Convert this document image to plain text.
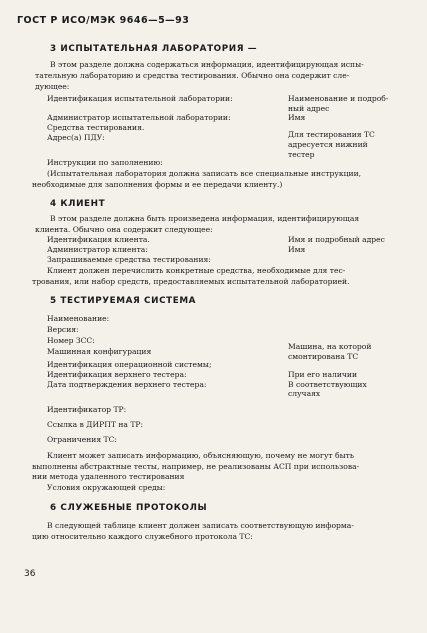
ГОСТ Р ИСО/МЭК 9646—5—93
3 ИСПЫТАТЕЛЬНАЯ ЛАБОРАТОРИЯ —
В этом разделе должна содержаться информация, идентифицирующая испы-
тательную лабораторию и средства тестирования. Обычно она содержит сле-
дующее:
Идентификация испытательной лаборатории:	Наименование и подроб-
ный адрес
Администратор испытательной лаборатории:	Имя
Средства тестирования.
Адрес(а) ПДУ:	Для тестирования ТС
адресуется нижний
тестер
Инструкции по заполнению:
(Испытательная лаборатория должна записать все специальные инструкции,
необходимые для заполнения формы и ее передачи клиенту.)
4 КЛИЕНТ
В этом разделе должна быть произведена информация, идентифицирующая
клиента. Обычно она содержит следующее:
Идентификация клиента.	Имя и подробный адрес
Администратор клиента:	Имя
Запрашиваемые средства тестирования:
Клиент должен перечислить конкретные средства, необходимые для тес-
трования, или набор средств, предоставляемых испытательной лабораторией.
5 ТЕСТИРУЕМАЯ СИСТЕМА
Наименование:
Версия:
Номер ЗСС:
Машинная конфигурация
Машина, на которой
смонтирована ТС
Идентификация операционной системы;
Идентификация верхнего тестера:	При его наличии
Дата подтверждения верхнего тестера:	В соответствующих
случаях
Идентификатор ТР:
Ссылка в ДИРПТ на ТР:
Ограничения ТС:
Клиент может записать информацию, объясняющую, почему не могут быть
выполнены абстрактные тесты, например, не реализованы АСП при использова-
нии метода удаленного тестирования
Условия окружающей среды:
6 СЛУЖЕБНЫЕ ПРОТОКОЛЫ
В следующей таблице клиент должен записать соответствующую информа-
цию относительно каждого служебного протокола ТС:
36
